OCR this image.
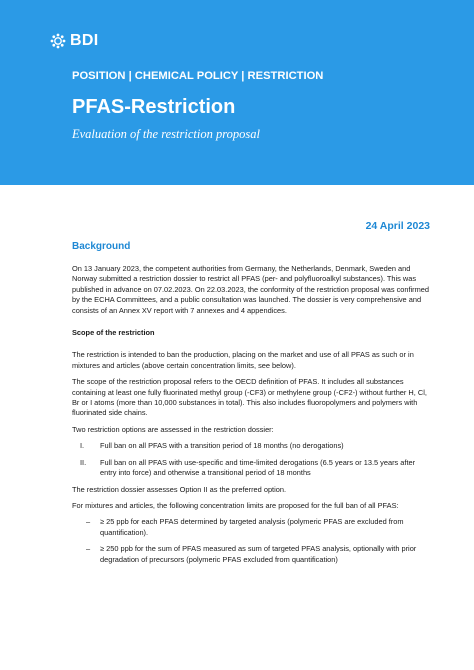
BDI
POSITION | CHEMICAL POLICY | RESTRICTION
PFAS-Restriction
Evaluation of the restriction proposal
24 April 2023
Background

On 13 January 2023, the competent authorities from Germany, the Netherlands, Denmark, Sweden and Norway submitted a restriction dossier to restrict all PFAS (per- and polyfluoroalkyl substances). This was published in advance on 07.02.2023. On 22.03.2023, the conformity of the restriction proposal was confirmed by the ECHA Committees, and a public consultation was launched. The dossier is very comprehensive and consists of an Annex XV report with 7 annexes and 4 appendices.

Scope of the restriction

The restriction is intended to ban the production, placing on the market and use of all PFAS as such or in mixtures and articles (above certain concentration limits, see below).

The scope of the restriction proposal refers to the OECD definition of PFAS. It includes all substances containing at least one fully fluorinated methyl group (-CF3) or methylene group (-CF2-) without further H, Cl, Br or I atoms (more than 10,000 substances in total). This also includes fluoropolymers and polymers with fluorinated side chains.

Two restriction options are assessed in the restriction dossier:

I. Full ban on all PFAS with a transition period of 18 months (no derogations)
II. Full ban on all PFAS with use-specific and time-limited derogations (6.5 years or 13.5 years after entry into force) and otherwise a transitional period of 18 months

The restriction dossier assesses Option II as the preferred option.

For mixtures and articles, the following concentration limits are proposed for the full ban of all PFAS:

– ≥ 25 ppb for each PFAS determined by targeted analysis (polymeric PFAS are excluded from quantification).
– ≥ 250 ppb for the sum of PFAS measured as sum of targeted PFAS analysis, optionally with prior degradation of precursors (polymeric PFAS excluded from quantification)
